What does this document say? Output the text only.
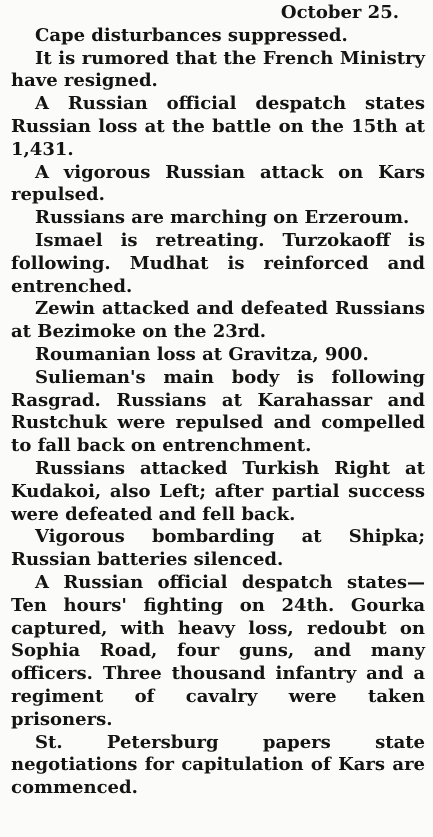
October 25.

Cape disturbances suppressed.

It is rumored that the French Ministry have resigned.

A Russian official despatch states Russian loss at the battle on the 15th at 1,431.

A vigorous Russian attack on Kars repulsed.

Russians are marching on Erzeroum.

Ismael is retreating. Turzokaoff is following. Mudhat is reinforced and entrenched.

Zewin attacked and defeated Russians at Bezimoke on the 23rd.

Roumanian loss at Gravitza, 900.

Sulieman's main body is following Rasgrad. Russians at Karahassar and Rustchuk were repulsed and compelled to fall back on entrenchment.

Russians attacked Turkish Right at Kudakoi, also Left; after partial success were defeated and fell back.

Vigorous bombarding at Shipka; Russian batteries silenced.

A Russian official despatch states— Ten hours' fighting on 24th. Gourka captured, with heavy loss, redoubt on Sophia Road, four guns, and many officers. Three thousand infantry and a regiment of cavalry were taken prisoners.

St. Petersburg papers state negotiations for capitulation of Kars are commenced.
